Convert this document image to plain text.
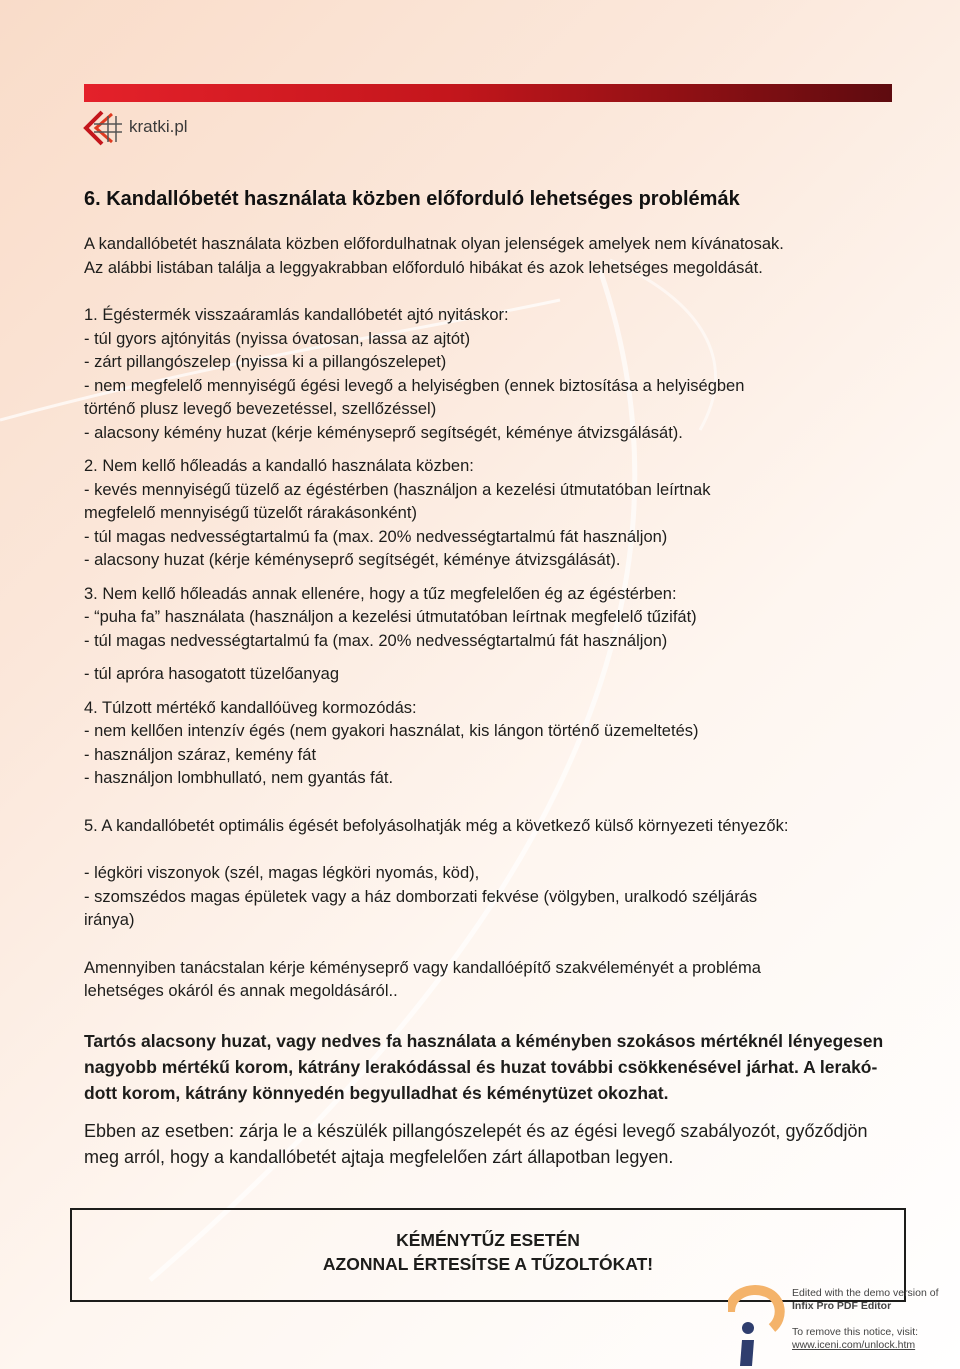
kratki.pl
6. Kandallóbetét használata közben előforduló lehetséges problémák

A kandallóbetét használata közben előfordulhatnak olyan jelenségek amelyek nem kívánatosak.

Az alábbi listában találja a leggyakrabban előforduló hibákat és azok lehetséges megoldását.

1. Égéstermék visszaáramlás kandallóbetét ajtó nyitáskor:

- túl gyors ajtónyitás (nyissa óvatosan, lassa az ajtót)

- zárt pillangószelep (nyissa ki a pillangószelepet)

- nem megfelelő mennyiségű égési levegő a helyiségben (ennek biztosítása a helyiségben

történő plusz levegő bevezetéssel, szellőzéssel)

- alacsony kémény huzat (kérje kéményseprő segítségét, kéménye átvizsgálását).

2. Nem kellő hőleadás a kandalló használata közben:

- kevés mennyiségű tüzelő az égéstérben (használjon a kezelési útmutatóban leírtnak

megfelelő mennyiségű tüzelőt rárakásonként)

- túl magas nedvességtartalmú fa (max. 20% nedvességtartalmú fát használjon)

- alacsony huzat (kérje kéményseprő segítségét, kéménye átvizsgálását).

3. Nem kellő hőleadás annak ellenére, hogy a tűz megfelelően ég az égéstérben:

- “puha fa” használata (használjon a kezelési útmutatóban leírtnak megfelelő tűzifát)

- túl magas nedvességtartalmú fa (max. 20% nedvességtartalmú fát használjon)

- túl apróra hasogatott tüzelőanyag

4. Túlzott mértékő kandallóüveg kormozódás:

- nem kellően intenzív égés (nem gyakori használat, kis lángon történő üzemeltetés)

- használjon száraz, kemény fát

- használjon lombhullató, nem gyantás fát.

5. A kandallóbetét optimális égését befolyásolhatják még a következő külső környezeti tényezők:

- légköri viszonyok (szél, magas légköri nyomás, köd),

- szomszédos magas épületek vagy a ház domborzati fekvése (völgyben, uralkodó széljárás

iránya)

Amennyiben tanácstalan kérje kéményseprő vagy kandallóépítő szakvéleményét a probléma

lehetséges okáról és annak megoldásáról..

Tartós alacsony huzat, vagy nedves fa használata a kéményben szokásos mértéknél lényegesen

nagyobb mértékű korom, kátrány lerakódással és huzat további csökkenésével járhat. A lerakó-

dott korom, kátrány könnyedén begyulladhat és kéménytüzet okozhat.

Ebben az esetben: zárja le a készülék pillangószelepét és az égési levegő szabályozót, győződjön

meg arról, hogy a kandallóbetét ajtaja megfelelően zárt állapotban legyen.

KÉMÉNYTŰZ ESETÉN
AZONNAL ÉRTESÍTSE A TŰZOLTÓKAT!
Edited with the demo version of
Infix Pro PDF Editor
To remove this notice, visit:
www.iceni.com/unlock.htm
